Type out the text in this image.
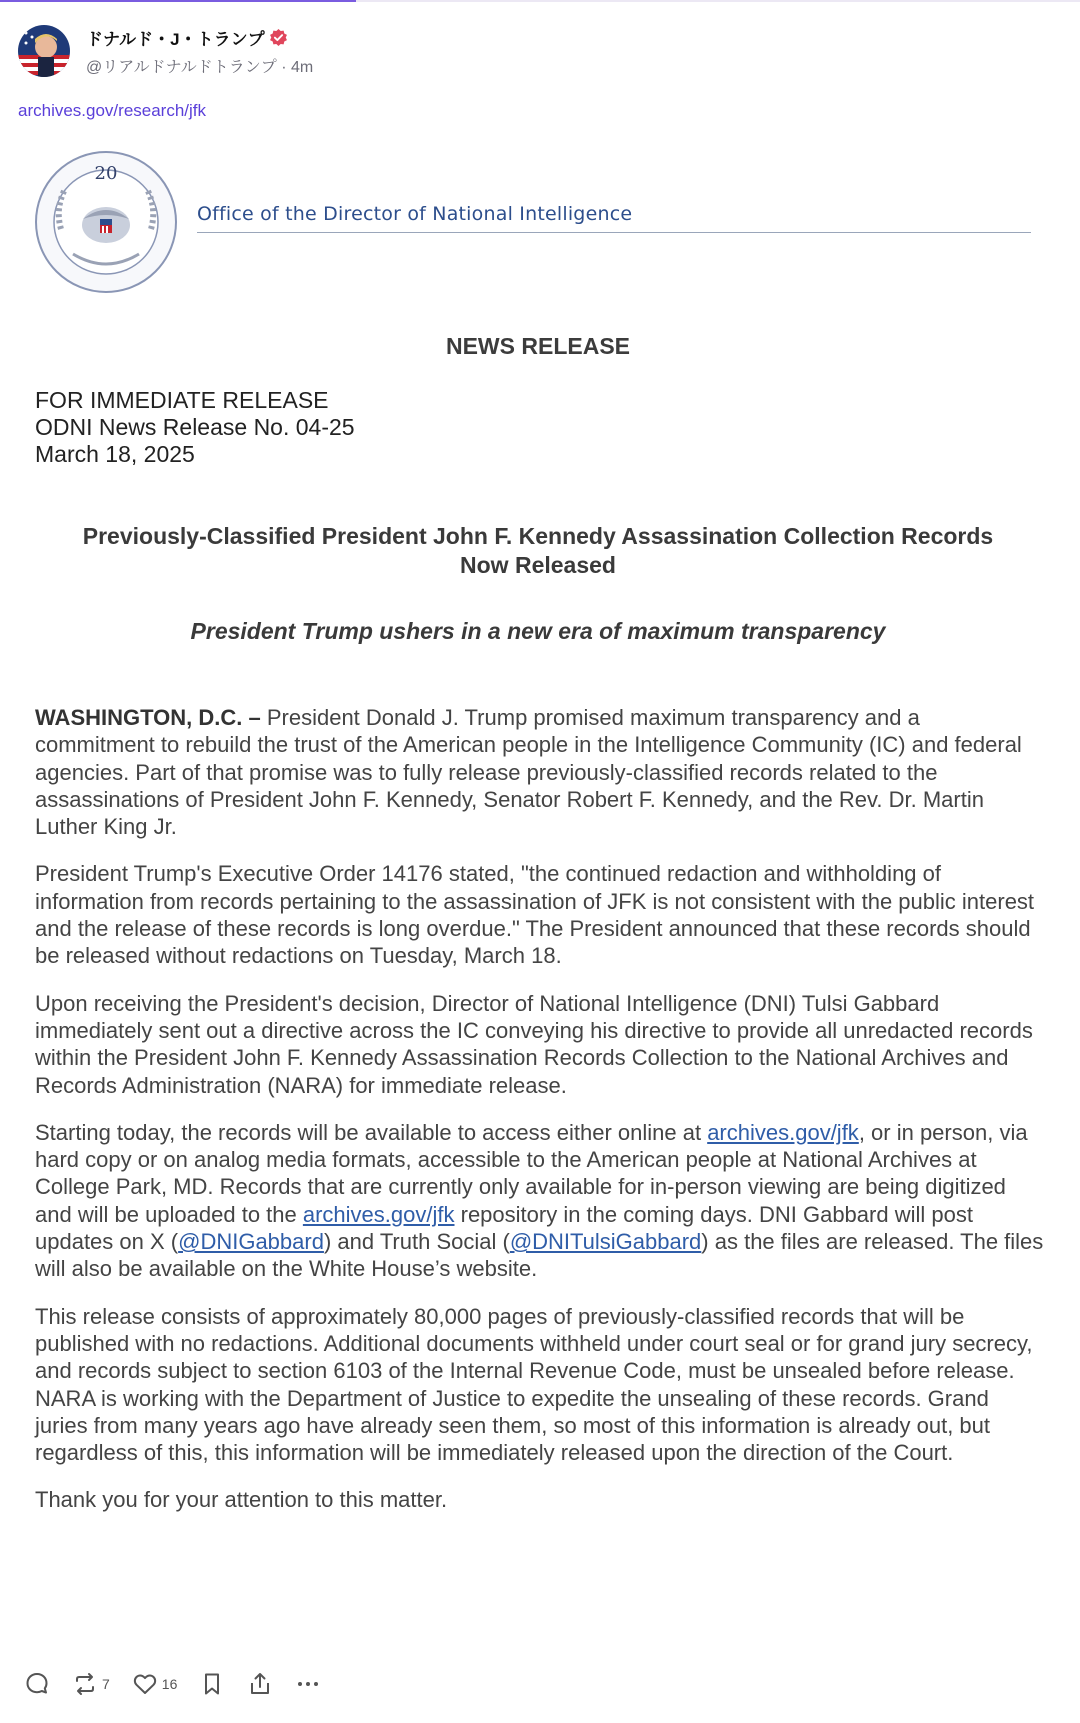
ドナルド・J・トランプ
@リアルドナルドトランプ · 4m
archives.gov/research/jfk
20
Office of the Director of National Intelligence
NEWS RELEASE
FOR IMMEDIATE RELEASE
ODNI News Release No. 04-25
March 18, 2025
Previously-Classified President John F. Kennedy Assassination Collection Records
Now Released
President Trump ushers in a new era of maximum transparency

WASHINGTON, D.C. – President Donald J. Trump promised maximum transparency and a commitment to rebuild the trust of the American people in the Intelligence Community (IC) and federal agencies. Part of that promise was to fully release previously-classified records related to the assassinations of President John F. Kennedy, Senator Robert F. Kennedy, and the Rev. Dr. Martin Luther King Jr.

President Trump's Executive Order 14176 stated, "the continued redaction and withholding of information from records pertaining to the assassination of JFK is not consistent with the public interest and the release of these records is long overdue." The President announced that these records should be released without redactions on Tuesday, March 18.

Upon receiving the President's decision, Director of National Intelligence (DNI) Tulsi Gabbard immediately sent out a directive across the IC conveying his directive to provide all unredacted records within the President John F. Kennedy Assassination Records Collection to the National Archives and Records Administration (NARA) for immediate release.

Starting today, the records will be available to access either online at archives.gov/jfk, or in person, via hard copy or on analog media formats, accessible to the American people at National Archives at College Park, MD. Records that are currently only available for in-person viewing are being digitized and will be uploaded to the archives.gov/jfk repository in the coming days. DNI Gabbard will post updates on X (@DNIGabbard) and Truth Social (@DNITulsiGabbard) as the files are released. The files will also be available on the White House’s website.

This release consists of approximately 80,000 pages of previously-classified records that will be published with no redactions. Additional documents withheld under court seal or for grand jury secrecy, and records subject to section 6103 of the Internal Revenue Code, must be unsealed before release. NARA is working with the Department of Justice to expedite the unsealing of these records. Grand juries from many years ago have already seen them, so most of this information is already out, but regardless of this, this information will be immediately released upon the direction of the Court.

Thank you for your attention to this matter.

7	16
